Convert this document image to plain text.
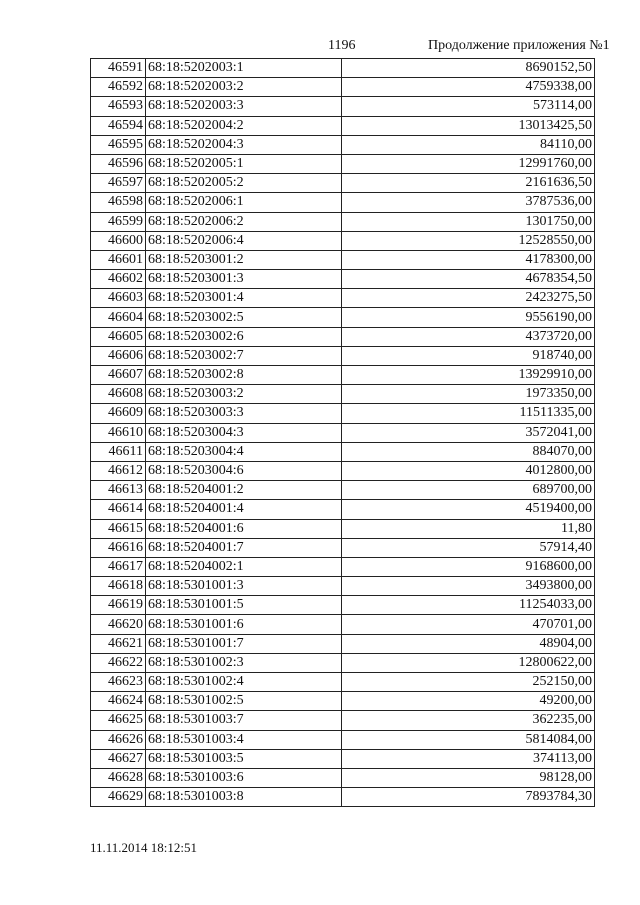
1196	Продолжение приложения №1
46591	68:18:5202003:1	8690152,50
46592	68:18:5202003:2	4759338,00
46593	68:18:5202003:3	573114,00
46594	68:18:5202004:2	13013425,50
46595	68:18:5202004:3	84110,00
46596	68:18:5202005:1	12991760,00
46597	68:18:5202005:2	2161636,50
46598	68:18:5202006:1	3787536,00
46599	68:18:5202006:2	1301750,00
46600	68:18:5202006:4	12528550,00
46601	68:18:5203001:2	4178300,00
46602	68:18:5203001:3	4678354,50
46603	68:18:5203001:4	2423275,50
46604	68:18:5203002:5	9556190,00
46605	68:18:5203002:6	4373720,00
46606	68:18:5203002:7	918740,00
46607	68:18:5203002:8	13929910,00
46608	68:18:5203003:2	1973350,00
46609	68:18:5203003:3	11511335,00
46610	68:18:5203004:3	3572041,00
46611	68:18:5203004:4	884070,00
46612	68:18:5203004:6	4012800,00
46613	68:18:5204001:2	689700,00
46614	68:18:5204001:4	4519400,00
46615	68:18:5204001:6	11,80
46616	68:18:5204001:7	57914,40
46617	68:18:5204002:1	9168600,00
46618	68:18:5301001:3	3493800,00
46619	68:18:5301001:5	11254033,00
46620	68:18:5301001:6	470701,00
46621	68:18:5301001:7	48904,00
46622	68:18:5301002:3	12800622,00
46623	68:18:5301002:4	252150,00
46624	68:18:5301002:5	49200,00
46625	68:18:5301003:7	362235,00
46626	68:18:5301003:4	5814084,00
46627	68:18:5301003:5	374113,00
46628	68:18:5301003:6	98128,00
46629	68:18:5301003:8	7893784,30
11.11.2014 18:12:51
